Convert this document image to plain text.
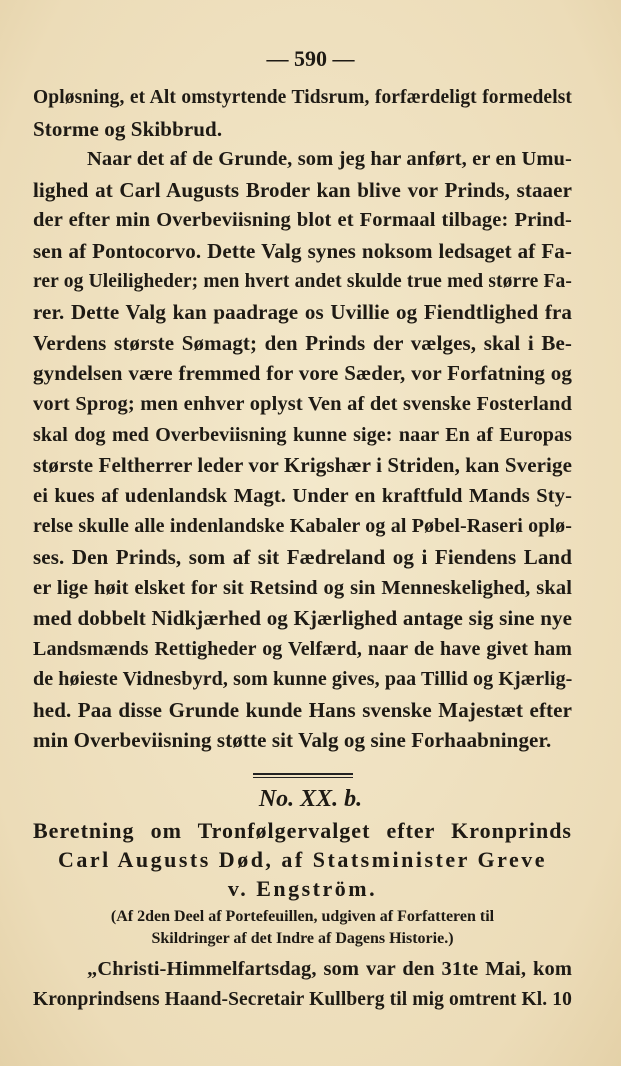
— 590 —
Opløsning, et Alt omstyrtende Tidsrum, forfærdeligt formedelst
Storme og Skibbrud.
Naar det af de Grunde, som jeg har anført, er en Umu-
lighed at Carl Augusts Broder kan blive vor Prinds, staaer
der efter min Overbeviisning blot et Formaal tilbage: Prind-
sen af Pontocorvo. Dette Valg synes noksom ledsaget af Fa-
rer og Uleiligheder; men hvert andet skulde true med større Fa-
rer. Dette Valg kan paadrage os Uvillie og Fiendtlighed fra
Verdens største Sømagt; den Prinds der vælges, skal i Be-
gyndelsen være fremmed for vore Sæder, vor Forfatning og
vort Sprog; men enhver oplyst Ven af det svenske Fosterland
skal dog med Overbeviisning kunne sige: naar En af Europas
største Feltherrer leder vor Krigshær i Striden, kan Sverige
ei kues af udenlandsk Magt. Under en kraftfuld Mands Sty-
relse skulle alle indenlandske Kabaler og al Pøbel-Raseri oplø-
ses. Den Prinds, som af sit Fædreland og i Fiendens Land
er lige høit elsket for sit Retsind og sin Menneskelighed, skal
med dobbelt Nidkjærhed og Kjærlighed antage sig sine nye
Landsmænds Rettigheder og Velfærd, naar de have givet ham
de høieste Vidnesbyrd, som kunne gives, paa Tillid og Kjærlig-
hed. Paa disse Grunde kunde Hans svenske Majestæt efter
min Overbeviisning støtte sit Valg og sine Forhaabninger.
No. XX. b.
Beretning om Tronfølgervalget efter Kronprinds
Carl Augusts Død, af Statsminister Greve
v. Engström.
(Af 2den Deel af Portefeuillen, udgiven af Forfatteren til
Skildringer af det Indre af Dagens Historie.)
„Christi-Himmelfartsdag, som var den 31te Mai, kom
Kronprindsens Haand-Secretair Kullberg til mig omtrent Kl. 10
